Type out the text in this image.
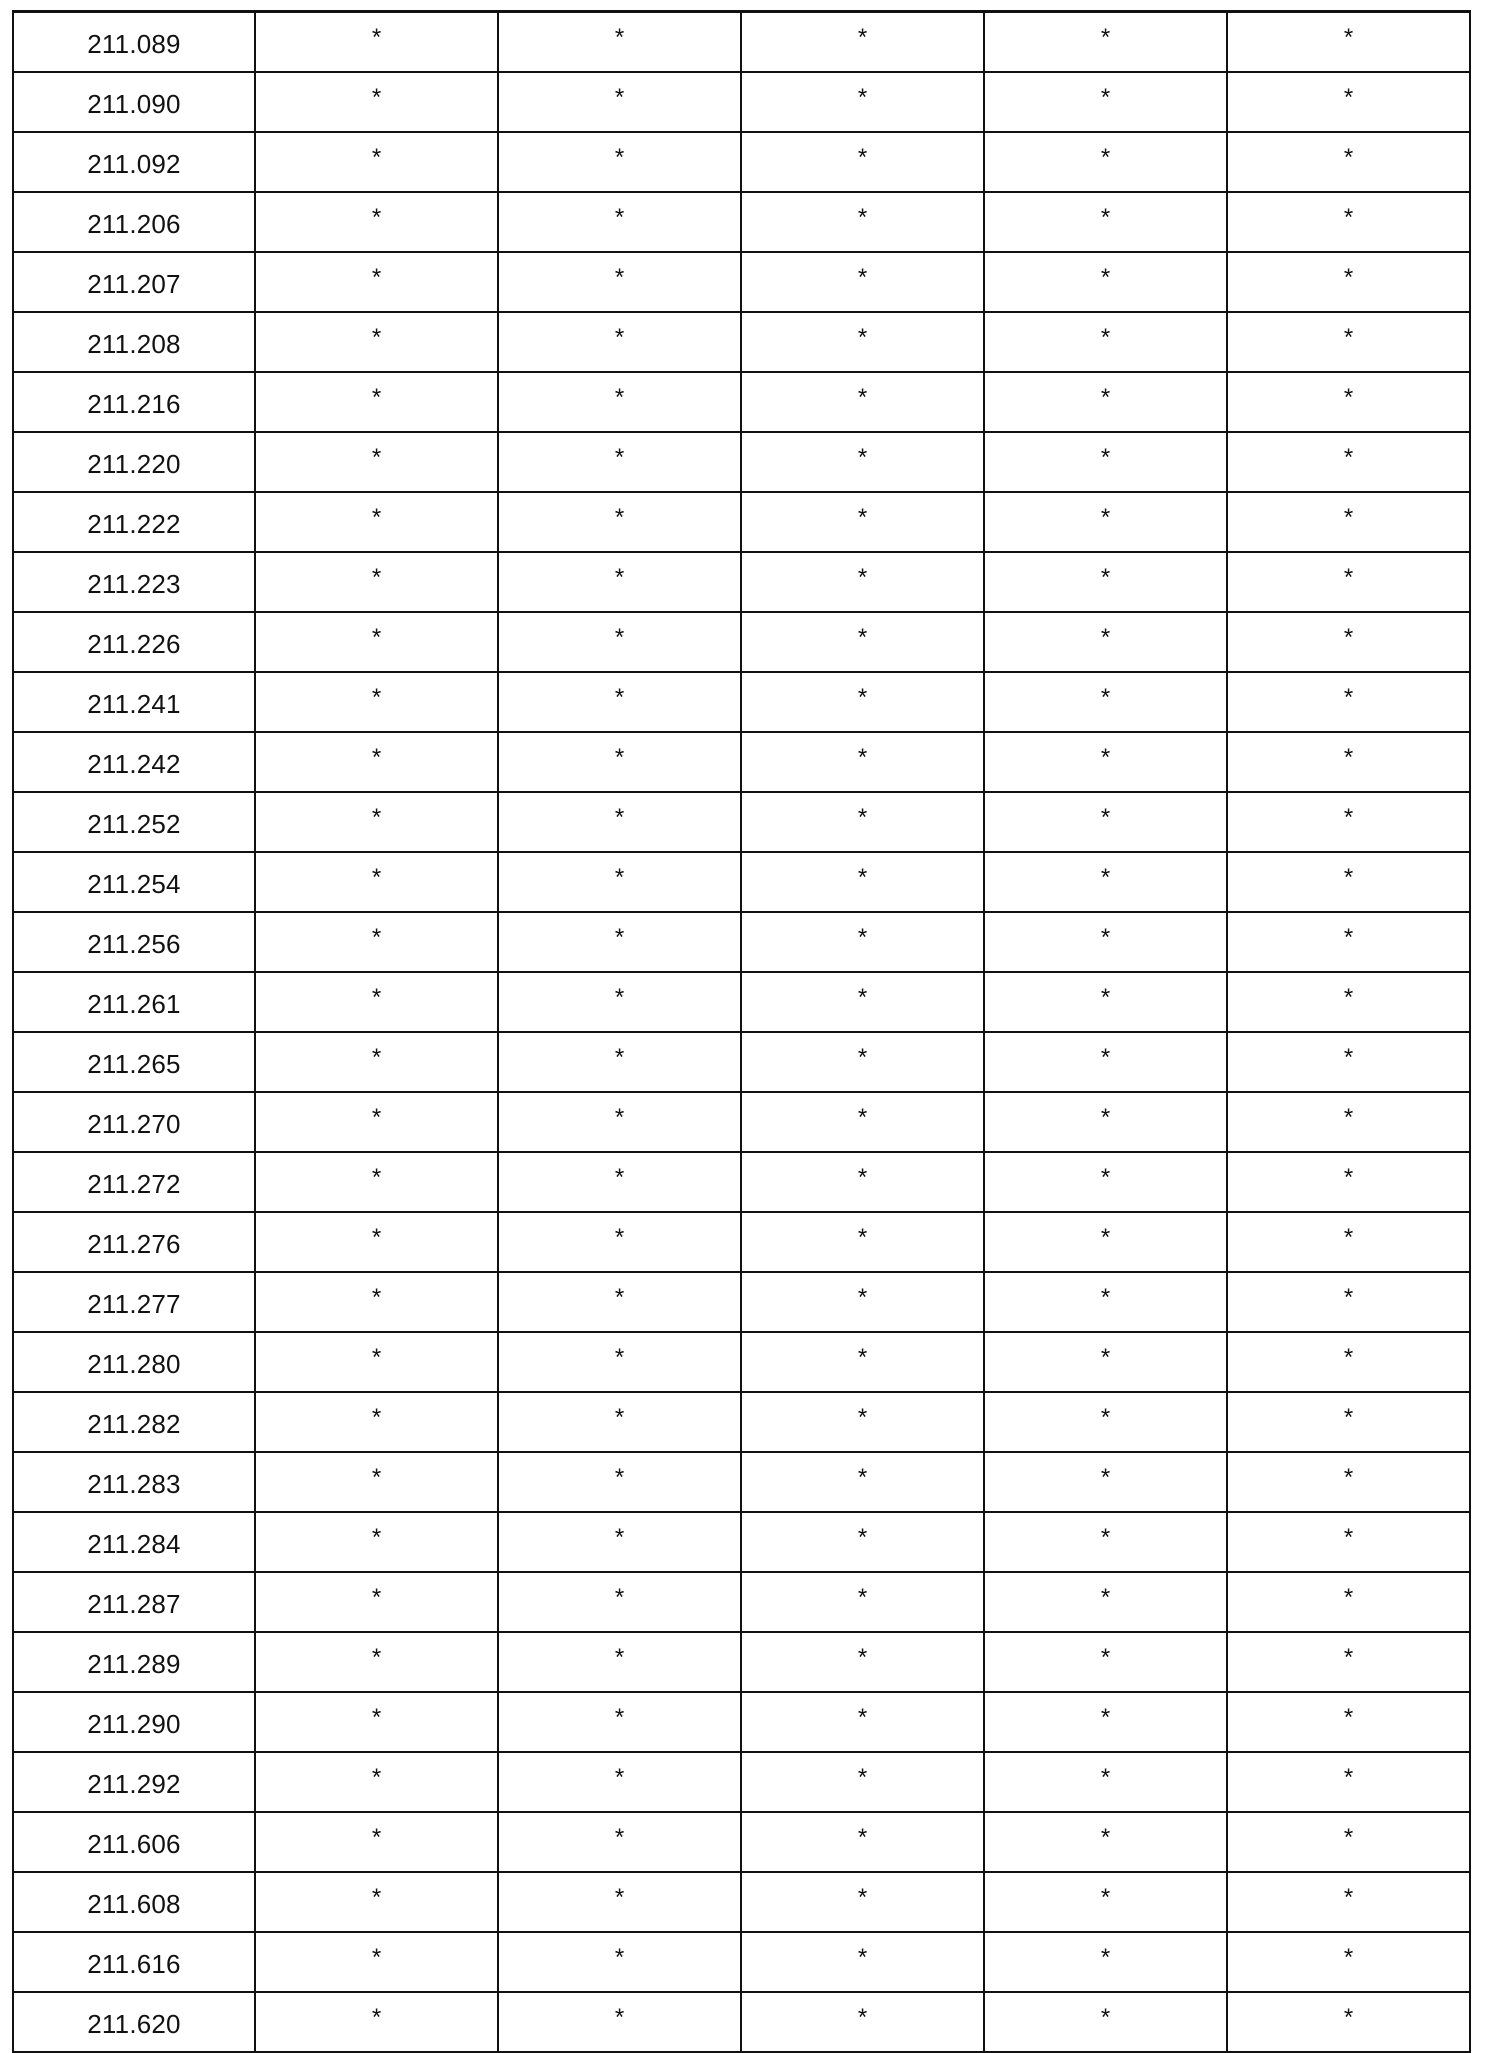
211.089	*	*	*	*	*
211.090	*	*	*	*	*
211.092	*	*	*	*	*
211.206	*	*	*	*	*
211.207	*	*	*	*	*
211.208	*	*	*	*	*
211.216	*	*	*	*	*
211.220	*	*	*	*	*
211.222	*	*	*	*	*
211.223	*	*	*	*	*
211.226	*	*	*	*	*
211.241	*	*	*	*	*
211.242	*	*	*	*	*
211.252	*	*	*	*	*
211.254	*	*	*	*	*
211.256	*	*	*	*	*
211.261	*	*	*	*	*
211.265	*	*	*	*	*
211.270	*	*	*	*	*
211.272	*	*	*	*	*
211.276	*	*	*	*	*
211.277	*	*	*	*	*
211.280	*	*	*	*	*
211.282	*	*	*	*	*
211.283	*	*	*	*	*
211.284	*	*	*	*	*
211.287	*	*	*	*	*
211.289	*	*	*	*	*
211.290	*	*	*	*	*
211.292	*	*	*	*	*
211.606	*	*	*	*	*
211.608	*	*	*	*	*
211.616	*	*	*	*	*
211.620	*	*	*	*	*
